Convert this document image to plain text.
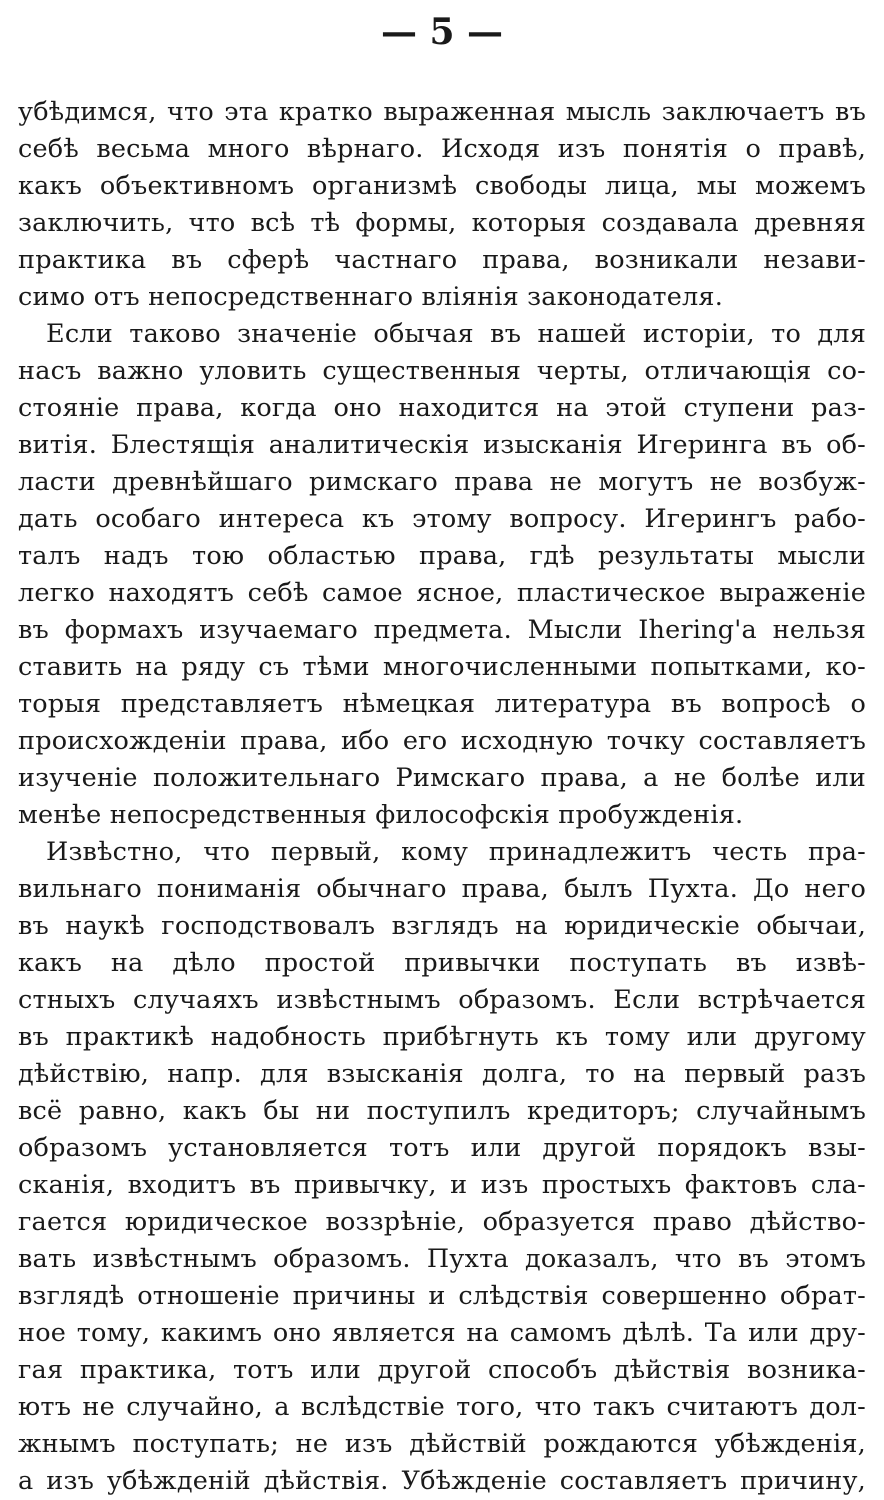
— 5 —
убѣдимся, что эта кратко выраженная мысль заключаетъ въ
себѣ весьма много вѣрнаго. Исходя изъ понятія о правѣ,
какъ объективномъ организмѣ свободы лица, мы можемъ
заключить, что всѣ тѣ формы, которыя создавала древняя
практика въ сферѣ частнаго права, возникали незави-
симо отъ непосредственнаго вліянія законодателя.
Если таково значеніе обычая въ нашей исторіи, то для
насъ важно уловить существенныя черты, отличающія со-
стояніе права, когда оно находится на этой ступени раз-
витія. Блестящія аналитическія изысканія Игеринга въ об-
ласти древнѣйшаго римскаго права не могутъ не возбуж-
дать особаго интереса къ этому вопросу. Игерингъ рабо-
талъ надъ тою областью права, гдѣ результаты мысли
легко находятъ себѣ самое ясное, пластическое выраженіе
въ формахъ изучаемаго предмета. Мысли Ihering'а нельзя
ставить на ряду съ тѣми многочисленными попытками, ко-
торыя представляетъ нѣмецкая литература въ вопросѣ о
происхожденіи права, ибо его исходную точку составляетъ
изученіе положительнаго Римскаго права, а не болѣе или
менѣе непосредственныя философскія пробужденія.
Извѣстно, что первый, кому принадлежитъ честь пра-
вильнаго пониманія обычнаго права, былъ Пухта. До него
въ наукѣ господствовалъ взглядъ на юридическіе обычаи,
какъ на дѣло простой привычки поступать въ извѣ-
стныхъ случаяхъ извѣстнымъ образомъ. Если встрѣчается
въ практикѣ надобность прибѣгнуть къ тому или другому
дѣйствію, напр. для взысканія долга, то на первый разъ
всё равно, какъ бы ни поступилъ кредиторъ; случайнымъ
образомъ установляется тотъ или другой порядокъ взы-
сканія, входитъ въ привычку, и изъ простыхъ фактовъ сла-
гается юридическое воззрѣніе, образуется право дѣйство-
вать извѣстнымъ образомъ. Пухта доказалъ, что въ этомъ
взглядѣ отношеніе причины и слѣдствія совершенно обрат-
ное тому, какимъ оно является на самомъ дѣлѣ. Та или дру-
гая практика, тотъ или другой способъ дѣйствія возника-
ютъ не случайно, а вслѣдствіе того, что такъ считаютъ дол-
жнымъ поступать; не изъ дѣйствій рождаются убѣжденія,
а изъ убѣжденій дѣйствія. Убѣжденіе составляетъ причину,
